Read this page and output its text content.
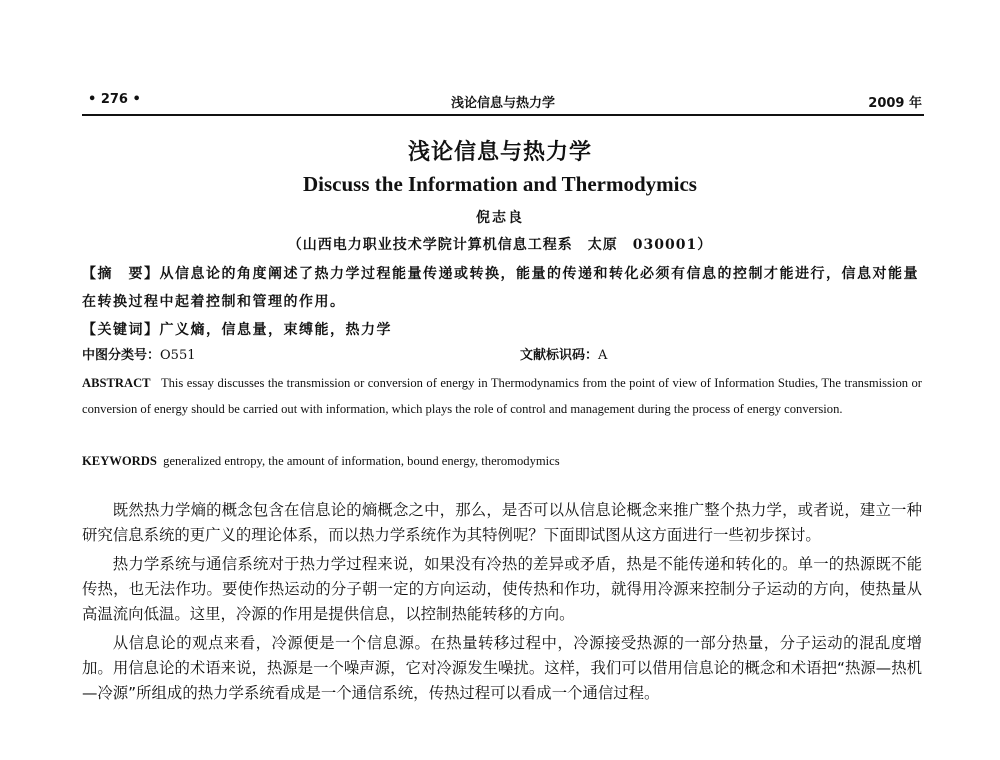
• 276 •	浅论信息与热力学	2009 年
浅论信息与热力学
Discuss the Information and Thermodymics
倪志良
（山西电力职业技术学院计算机信息工程系　太原　030001）
【摘　要】从信息论的角度阐述了热力学过程能量传递或转换，能量的传递和转化必须有信息的控制才能进行，信息对能量在转换过程中起着控制和管理的作用。
【关键词】广义熵，信息量，束缚能，热力学
中图分类号：O551	文献标识码：A
ABSTRACT This essay discusses the transmission or conversion of energy in Thermodynamics from the point of view of Information Studies, The transmission or conversion of energy should be carried out with information, which plays the role of control and management during the process of energy conversion.
KEYWORDS generalized entropy, the amount of information, bound energy, theromodymics

既然热力学熵的概念包含在信息论的熵概念之中，那么，是否可以从信息论概念来推广整个热力学，或者说，建立一种研究信息系统的更广义的理论体系，而以热力学系统作为其特例呢？下面即试图从这方面进行一些初步探讨。

热力学系统与通信系统对于热力学过程来说，如果没有冷热的差异或矛盾，热是不能传递和转化的。单一的热源既不能传热，也无法作功。要使作热运动的分子朝一定的方向运动，使传热和作功，就得用冷源来控制分子运动的方向，使热量从高温流向低温。这里，冷源的作用是提供信息，以控制热能转移的方向。

从信息论的观点来看，冷源便是一个信息源。在热量转移过程中，冷源接受热源的一部分热量，分子运动的混乱度增加。用信息论的术语来说，热源是一个噪声源，它对冷源发生噪扰。这样，我们可以借用信息论的概念和术语把“热源—热机—冷源”所组成的热力学系统看成是一个通信系统，传热过程可以看成一个通信过程。
